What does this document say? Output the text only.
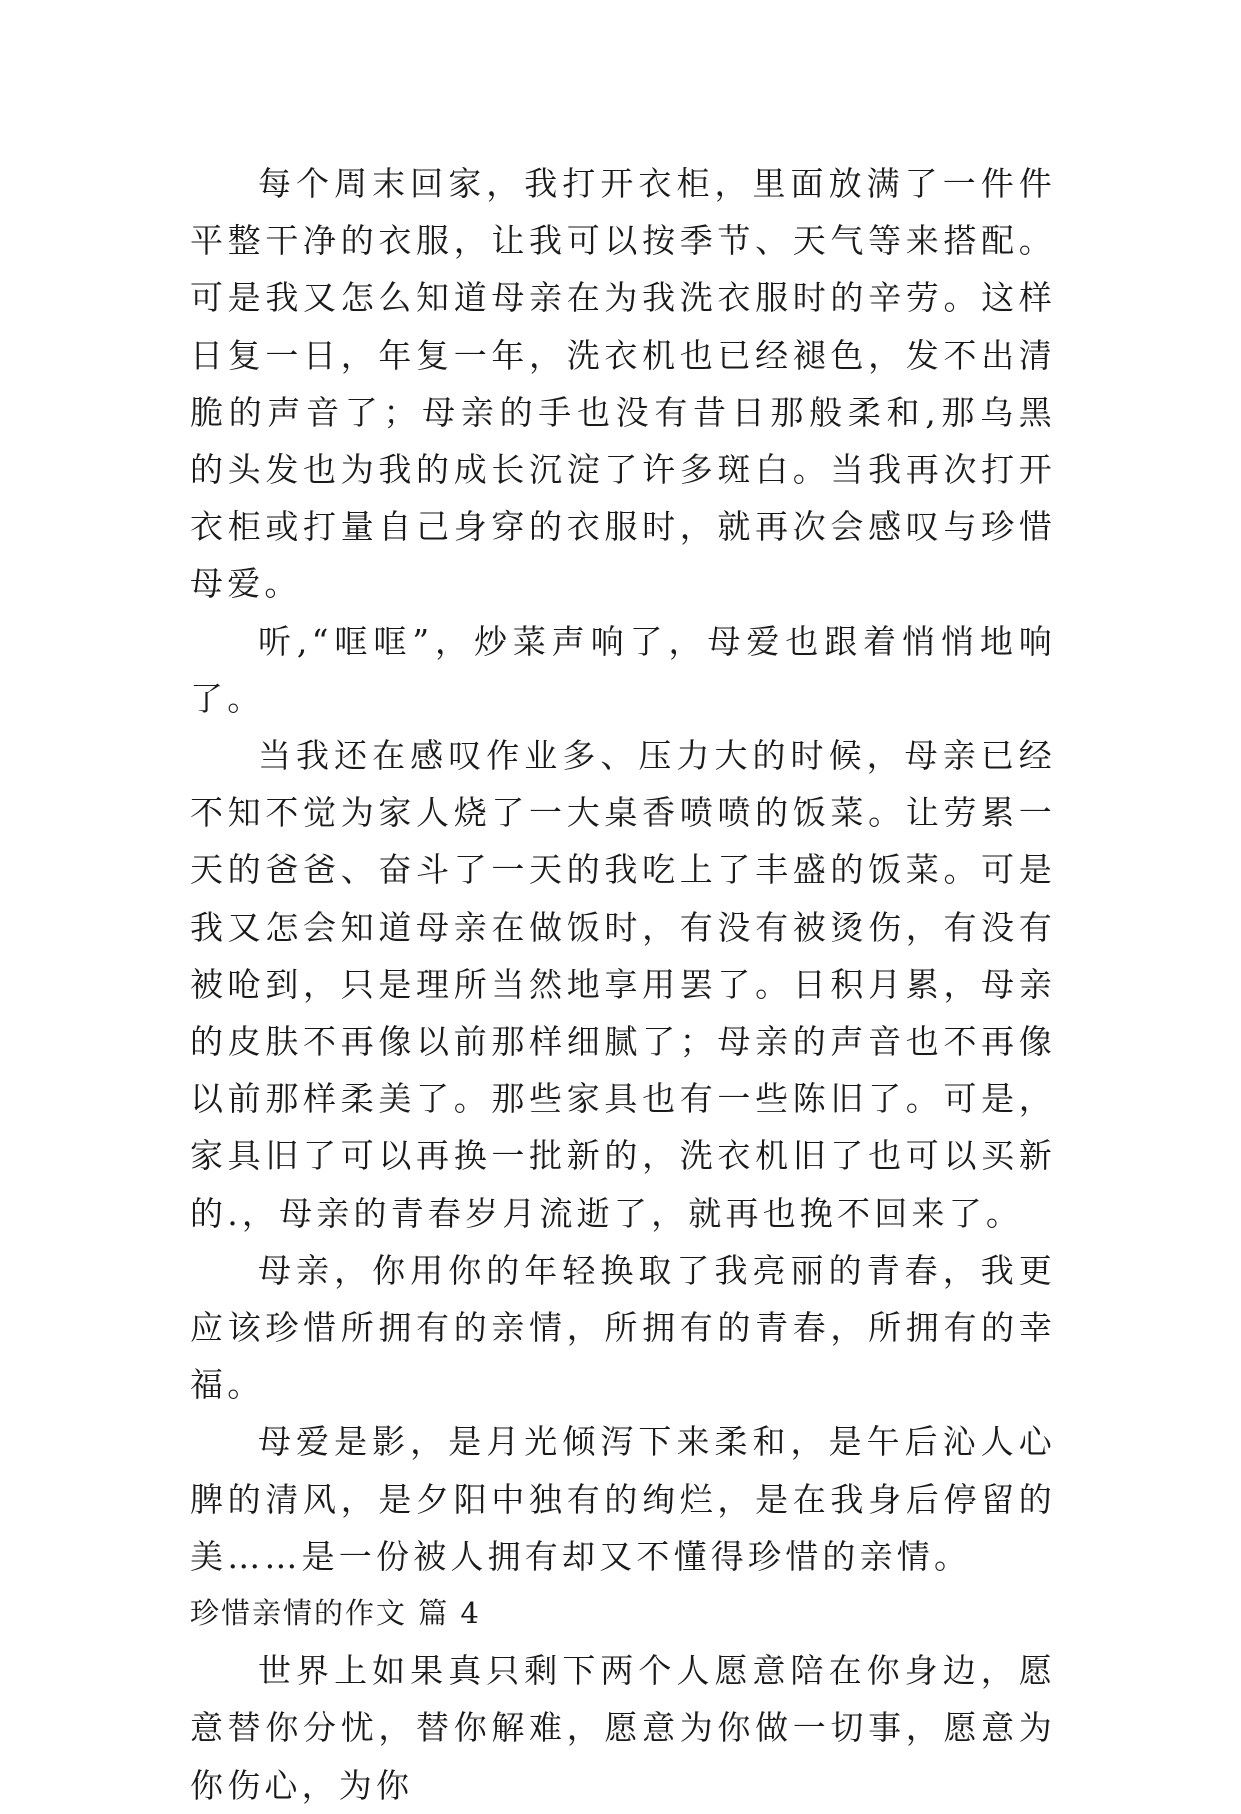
每个周末回家，我打开衣柜，里面放满了一件件平整干净的衣服，让我可以按季节、天气等来搭配。可是我又怎么知道母亲在为我洗衣服时的辛劳。这样日复一日，年复一年，洗衣机也已经褪色，发不出清脆的声音了；母亲的手也没有昔日那般柔和,那乌黑的头发也为我的成长沉淀了许多斑白。当我再次打开衣柜或打量自己身穿的衣服时，就再次会感叹与珍惜母爱。

听,“哐哐”，炒菜声响了，母爱也跟着悄悄地响了。

当我还在感叹作业多、压力大的时候，母亲已经不知不觉为家人烧了一大桌香喷喷的饭菜。让劳累一天的爸爸、奋斗了一天的我吃上了丰盛的饭菜。可是我又怎会知道母亲在做饭时，有没有被烫伤，有没有被呛到，只是理所当然地享用罢了。日积月累，母亲的皮肤不再像以前那样细腻了；母亲的声音也不再像以前那样柔美了。那些家具也有一些陈旧了。可是，家具旧了可以再换一批新的，洗衣机旧了也可以买新的.，母亲的青春岁月流逝了，就再也挽不回来了。

母亲，你用你的年轻换取了我亮丽的青春，我更应该珍惜所拥有的亲情，所拥有的青春，所拥有的幸福。

母爱是影，是月光倾泻下来柔和，是午后沁人心脾的清风，是夕阳中独有的绚烂，是在我身后停留的美……是一份被人拥有却又不懂得珍惜的亲情。

珍惜亲情的作文 篇 4

世界上如果真只剩下两个人愿意陪在你身边，愿意替你分忧，替你解难，愿意为你做一切事，愿意为你伤心，为你
